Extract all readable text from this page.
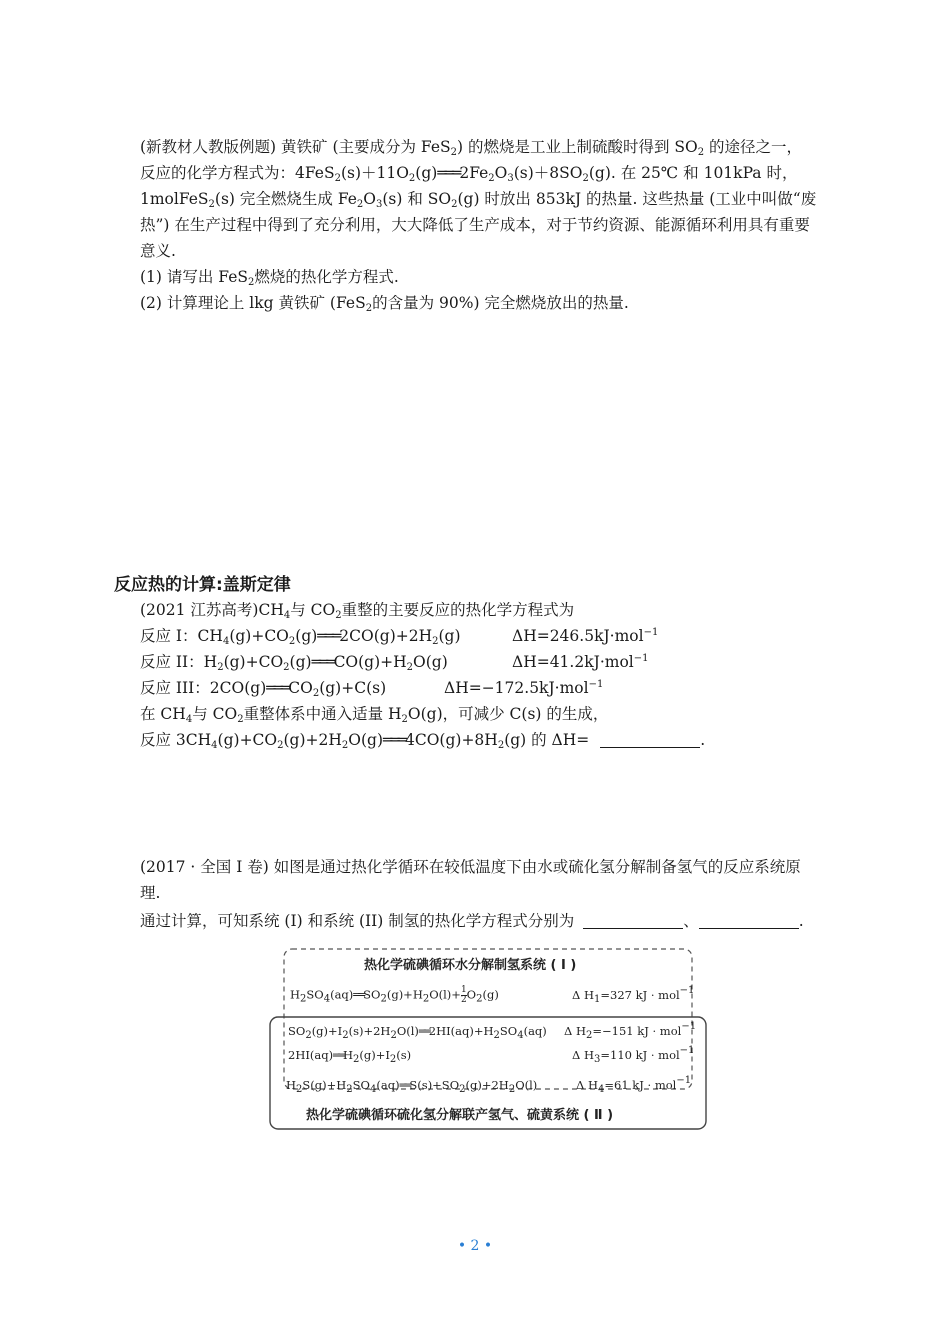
(新教材人教版例题) 黄铁矿 (主要成分为 FeS$_2$) 的燃烧是工业上制硫酸时得到 $SO_2$ 的途径之一，
反应的化学方程式为：$4FeS_2(s)+11O_2(g)═══2Fe_2O_3(s)+8SO_2(g)$. 在 25℃ 和 101kPa 时，
1molFeS$_2$(s) 完全燃烧生成 $Fe_2O_3(s)$ 和 $SO_2(g)$ 时放出 853kJ 的热量. 这些热量 (工业中叫做“废
热”) 在生产过程中得到了充分利用，大大降低了生产成本，对于节约资源、能源循环利用具有重要
意义.
(1) 请写出 FeS$_2$燃烧的热化学方程式.
(2) 计算理论上 lkg 黄铁矿 (FeS$_2$的含量为 90%) 完全燃烧放出的热量.
反应热的计算:盖斯定律
(2021 江苏高考)$CH_4$与 $CO_2$重整的主要反应的热化学方程式为
反应 I：$CH_4(g)+CO_2(g)═══2CO(g)+2H_2(g)$	ΔH=246.5kJ·mol$^{-1}$
反应 II：$H_2(g)+CO_2(g)═══CO(g)+H_2O(g)$	ΔH=41.2kJ·mol$^{-1}$
反应 III：$2CO(g)═══CO_2(g)+C(s)$	ΔH=−172.5kJ·mol$^{-1}$
在 $CH_4$与 $CO_2$重整体系中通入适量 $H_2O(g)$，可减少 C(s) 的生成，
反应 $3CH_4(g)+CO_2(g)+2H_2O(g)═══4CO(g)+8H_2(g)$ 的 ΔH=	.
(2017 · 全国 I 卷) 如图是通过热化学循环在较低温度下由水或硫化氢分解制备氢气的反应系统原
理.
通过计算，可知系统 (I) 和系统 (II) 制氢的热化学方程式分别为	、	.
热化学硫碘循环水分解制氢系统 ( Ⅰ )
$H_2SO_4(aq)══SO_2(g)+H_2O(l)+ \frac{1}{2} O_2(g)$	Δ $H_1=327$ kJ · mol$^{-1}$
$SO_2(g)+I_2(s)+2H_2O(l)══2HI(aq)+H_2SO_4(aq)$ Δ $H_2=-151$ kJ · mol$^{-1}$
$2HI(aq)══H_2(g)+I_2(s)$	Δ $H_3=110$ kJ · mol$^{-1}$
$H_2S(g)+H_2SO_4(aq)══S(s)+SO_2(g)+2H_2O(l)$	Δ $H_4=61$ kJ · mol$^{-1}$
热化学硫碘循环硫化氢分解联产氢气、硫黄系统 ( Ⅱ )
• 2 •
